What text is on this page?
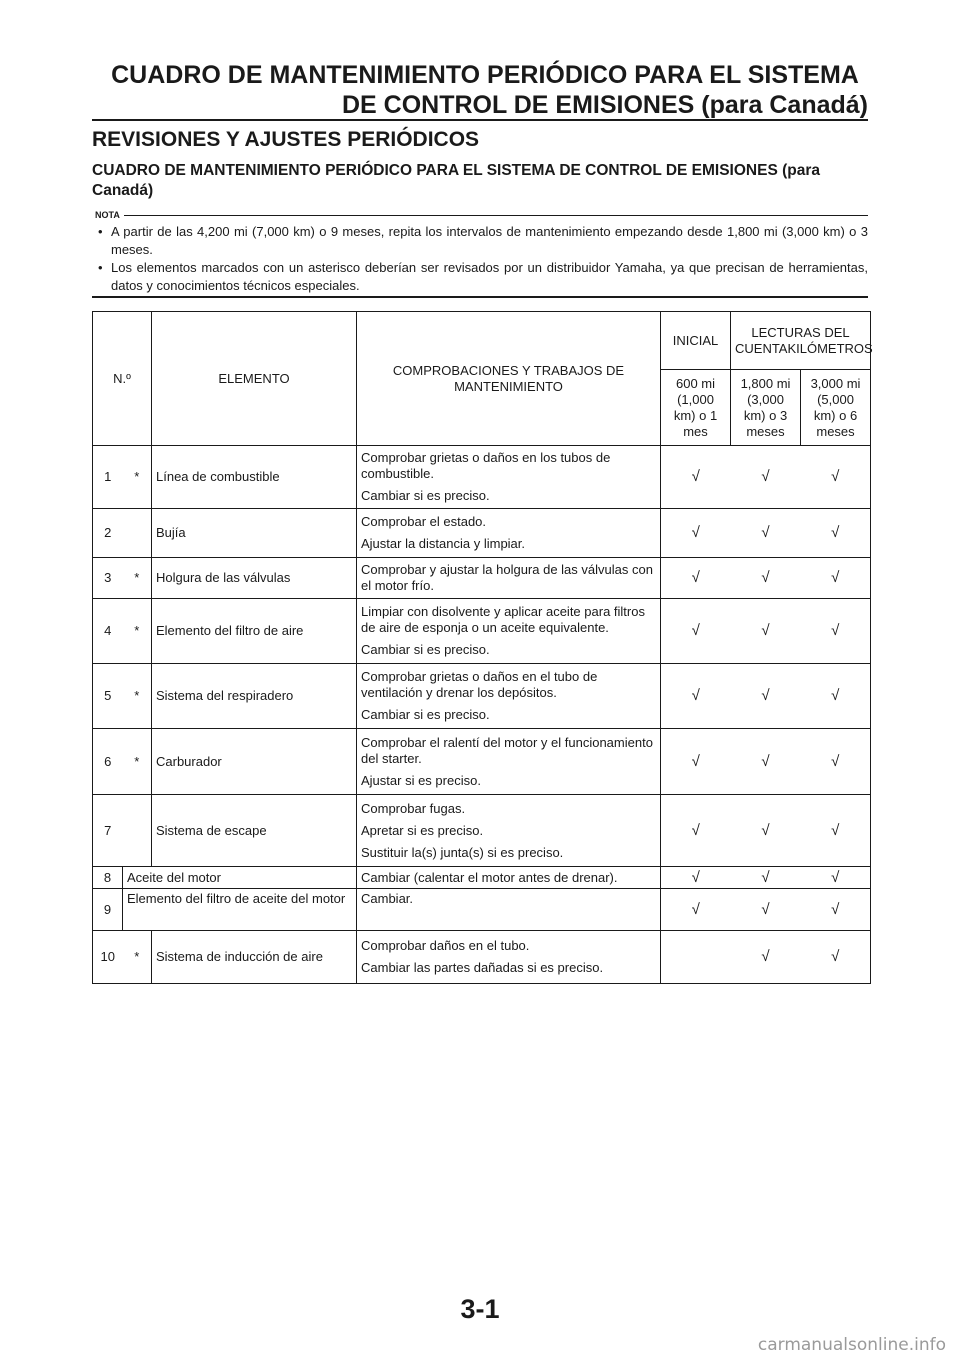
CUADRO DE MANTENIMIENTO PERIÓDICO PARA EL SISTEMA
DE CONTROL DE EMISIONES (para Canadá)
REVISIONES Y AJUSTES PERIÓDICOS
CUADRO DE MANTENIMIENTO PERIÓDICO PARA EL SISTEMA DE CONTROL DE EMISIONES (para Canadá)
NOTA
• A partir de las 4,200 mi (7,000 km) o 9 meses, repita los intervalos de mantenimiento empezando desde 1,800 mi (3,000 km) o 3 meses.
• Los elementos marcados con un asterisco deberían ser revisados por un distribuidor Yamaha, ya que precisan de herramientas, datos y conocimientos técnicos especiales.
N.º		ELEMENTO	COMPROBACIONES Y TRABAJOS DE MANTENIMIENTO	INICIAL	LECTURAS DEL CUENTAKILÓMETROS	
				600 mi (1,000 km) o 1 mes	1,800 mi (3,000 km) o 3 meses	3,000 mi (5,000 km) o 6 meses
1	*	Línea de combustible	Comprobar grietas o daños en los tubos de combustible.
Cambiar si es preciso.	√	√	√
2		Bujía	Comprobar el estado.
Ajustar la distancia y limpiar.	√	√	√
3	*	Holgura de las válvulas	Comprobar y ajustar la holgura de las válvulas con el motor frío.	√	√	√
4	*	Elemento del filtro de aire	Limpiar con disolvente y aplicar aceite para filtros de aire de esponja o un aceite equivalente.
Cambiar si es preciso.	√	√	√
5	*	Sistema del respiradero	Comprobar grietas o daños en el tubo de ventilación y drenar los depósitos.
Cambiar si es preciso.	√	√	√
6	*	Carburador	Comprobar el ralentí del motor y el funcionamiento del starter.
Ajustar si es preciso.	√	√	√
7		Sistema de escape	Comprobar fugas.
Apretar si es preciso.
Sustituir la(s) junta(s) si es preciso.	√	√	√
8	Aceite del motor		Cambiar (calentar el motor antes de drenar).	√	√	√
9	Elemento del filtro de aceite del motor		Cambiar.	√	√	√
10	*	Sistema de inducción de aire	Comprobar daños en el tubo.
Cambiar las partes dañadas si es preciso.		√	√
3-1
carmanualsonline.info
